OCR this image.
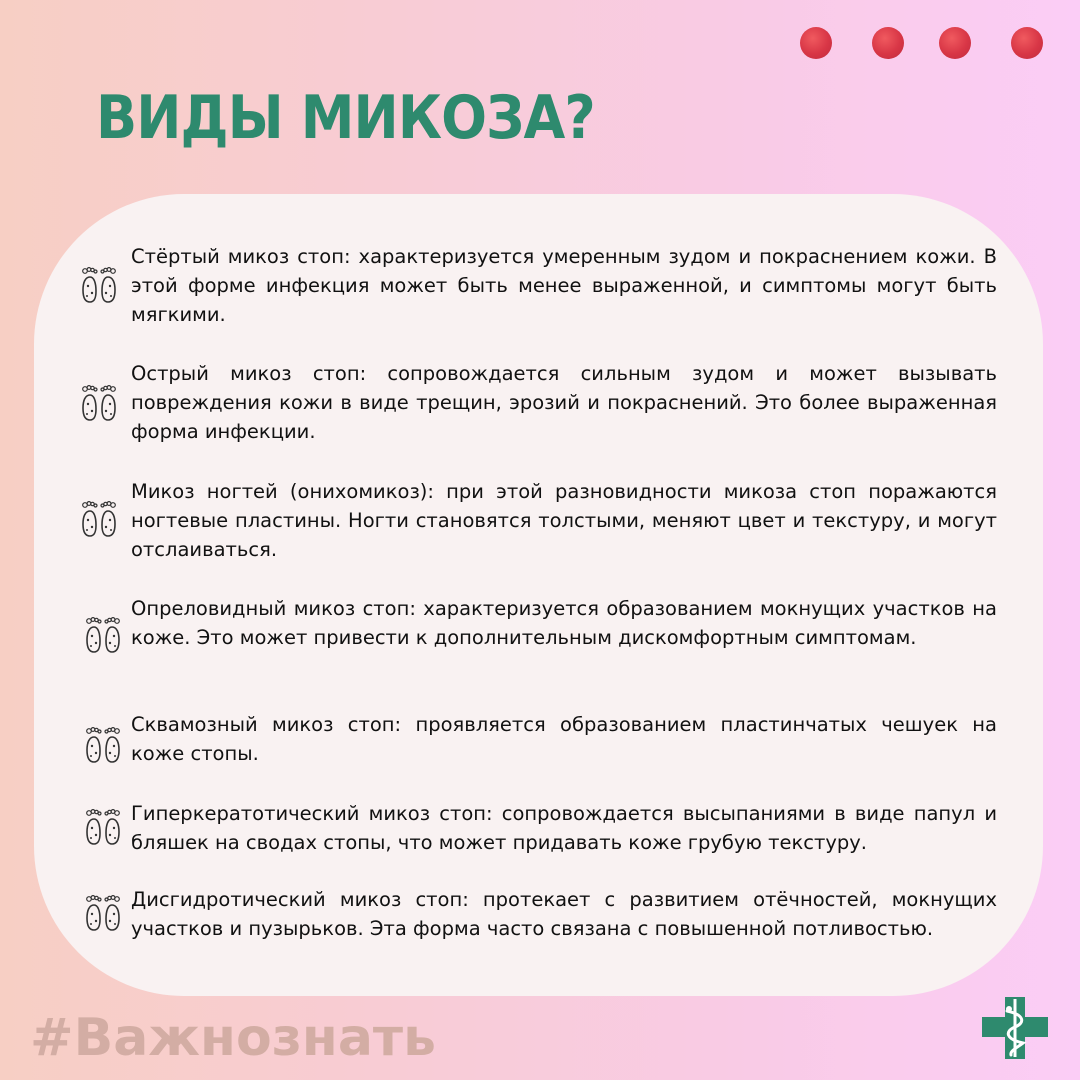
ВИДЫ МИКОЗА?
Стёртый микоз стоп: характеризуется умеренным зудом и покраснением кожи. В этой форме инфекция может быть менее выраженной, и симптомы могут быть мягкими.
Острый микоз стоп: сопровождается сильным зудом и может вызывать повреждения кожи в виде трещин, эрозий и покраснений. Это более выраженная форма инфекции.
Микоз ногтей (онихомикоз): при этой разновидности микоза стоп поражаются ногтевые пластины. Ногти становятся толстыми, меняют цвет и текстуру, и могут отслаиваться.
Опреловидный микоз стоп: характеризуется образованием мокнущих участков на коже. Это может привести к дополнительным дискомфортным симптомам.
Сквамозный микоз стоп: проявляется образованием пластинчатых чешуек на коже стопы.
Гиперкератотический микоз стоп: сопровождается высыпаниями в виде папул и бляшек на сводах стопы, что может придавать коже грубую текстуру.
Дисгидротический микоз стоп: протекает с развитием отёчностей, мокнущих участков и пузырьков. Эта форма часто связана с повышенной потливостью.
#Важнознать
